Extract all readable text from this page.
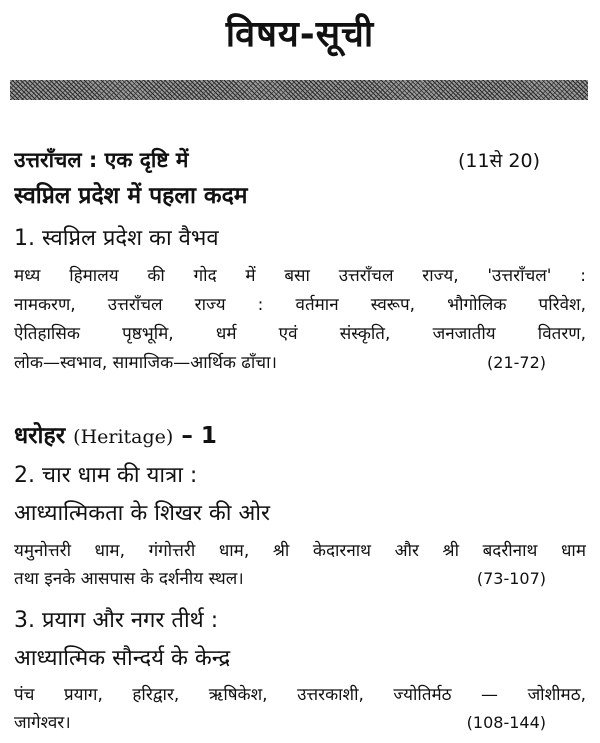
विषय-सूची
उत्तराँचल : एक दृष्टि में	(11से 20)
स्वप्निल प्रदेश में पहला कदम
1. स्वप्निल प्रदेश का वैभव
मध्य हिमालय की गोद में बसा उत्तराँचल राज्य, 'उत्तराँचल' :
नामकरण, उत्तराँचल राज्य : वर्तमान स्वरूप, भौगोलिक परिवेश,
ऐतिहासिक पृष्ठभूमि, धर्म एवं संस्कृति, जनजातीय वितरण,
लोक—स्वभाव, सामाजिक—आर्थिक ढाँचा।	(21-72)
धरोहर (Heritage) – 1
2. चार धाम की यात्रा :
आध्यात्मिकता के शिखर की ओर
यमुनोत्तरी धाम, गंगोत्तरी धाम, श्री केदारनाथ और श्री बदरीनाथ धाम
तथा इनके आसपास के दर्शनीय स्थल।	(73-107)
3. प्रयाग और नगर तीर्थ :
आध्यात्मिक सौन्दर्य के केन्द्र
पंच प्रयाग, हरिद्वार, ऋषिकेश, उत्तरकाशी, ज्योतिर्मठ — जोशीमठ,
जागेश्वर।	(108-144)
